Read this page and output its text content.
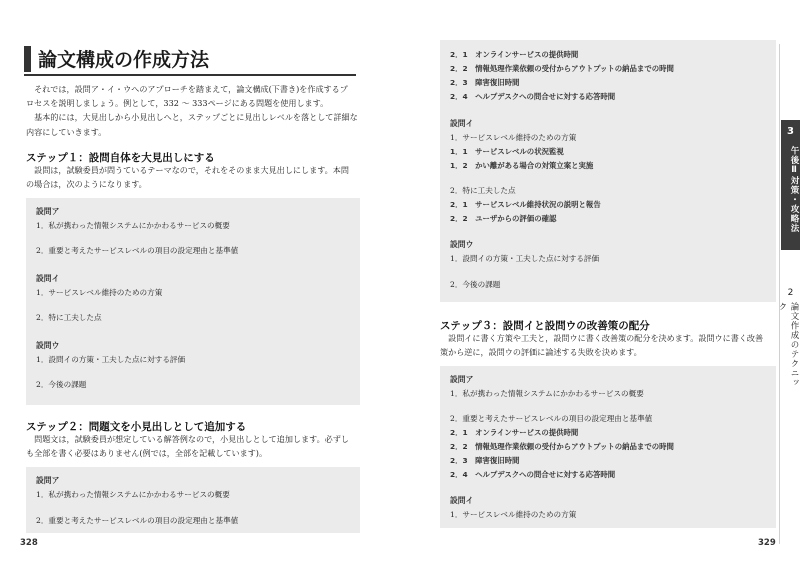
論文構成の作成方法

それでは，設問ア・イ・ウへのアプローチを踏まえて，論文構成(下書き)を作成するプ

ロセスを説明しましょう。例として，332 ～ 333ページにある問題を使用します。

基本的には，大見出しから小見出しへと，ステップごとに見出しレベルを落として詳細な

内容にしていきます。

ステップ１：設問自体を大見出しにする

設問は，試験委員が問うているテーマなので，それをそのまま大見出しにします。本問

の場合は，次のようになります。

設問ア
1．私が携わった情報システムにかかわるサービスの概要
2．重要と考えたサービスレベルの項目の設定理由と基準値
設問イ
1．サービスレベル維持のための方策
2．特に工夫した点
設問ウ
1．設問イの方策・工夫した点に対する評価
2．今後の課題
ステップ２：問題文を小見出しとして追加する

問題文は，試験委員が想定している解答例なので，小見出しとして追加します。必ずし

も全部を書く必要はありません(例では，全部を記載しています)。

設問ア
1．私が携わった情報システムにかかわるサービスの概要
2．重要と考えたサービスレベルの項目の設定理由と基準値
328
2．1　オンラインサービスの提供時間
2．2　情報処理作業依頼の受付からアウトプットの納品までの時間
2．3　障害復旧時間
2．4　ヘルプデスクへの問合せに対する応答時間
設問イ
1．サービスレベル維持のための方策
1．1　サービスレベルの状況監視
1．2　かい離がある場合の対策立案と実施
2．特に工夫した点
2．1　サービスレベル維持状況の説明と報告
2．2　ユーザからの評価の確認
設問ウ
1．設問イの方策・工夫した点に対する評価
2．今後の課題
ステップ３：設問イと設問ウの改善策の配分

設問イに書く方策や工夫と，設問ウに書く改善策の配分を決めます。設問ウに書く改善

策から逆に，設問ウの評価に論述する失敗を決めます。

設問ア
1．私が携わった情報システムにかかわるサービスの概要
2．重要と考えたサービスレベルの項目の設定理由と基準値
2．1　オンラインサービスの提供時間
2．2　情報処理作業依頼の受付からアウトプットの納品までの時間
2．3　障害復旧時間
2．4　ヘルプデスクへの問合せに対する応答時間
設問イ
1．サービスレベル維持のための方策
329
3
午後Ⅱ対策・攻略法
2
論文作成のテクニック
